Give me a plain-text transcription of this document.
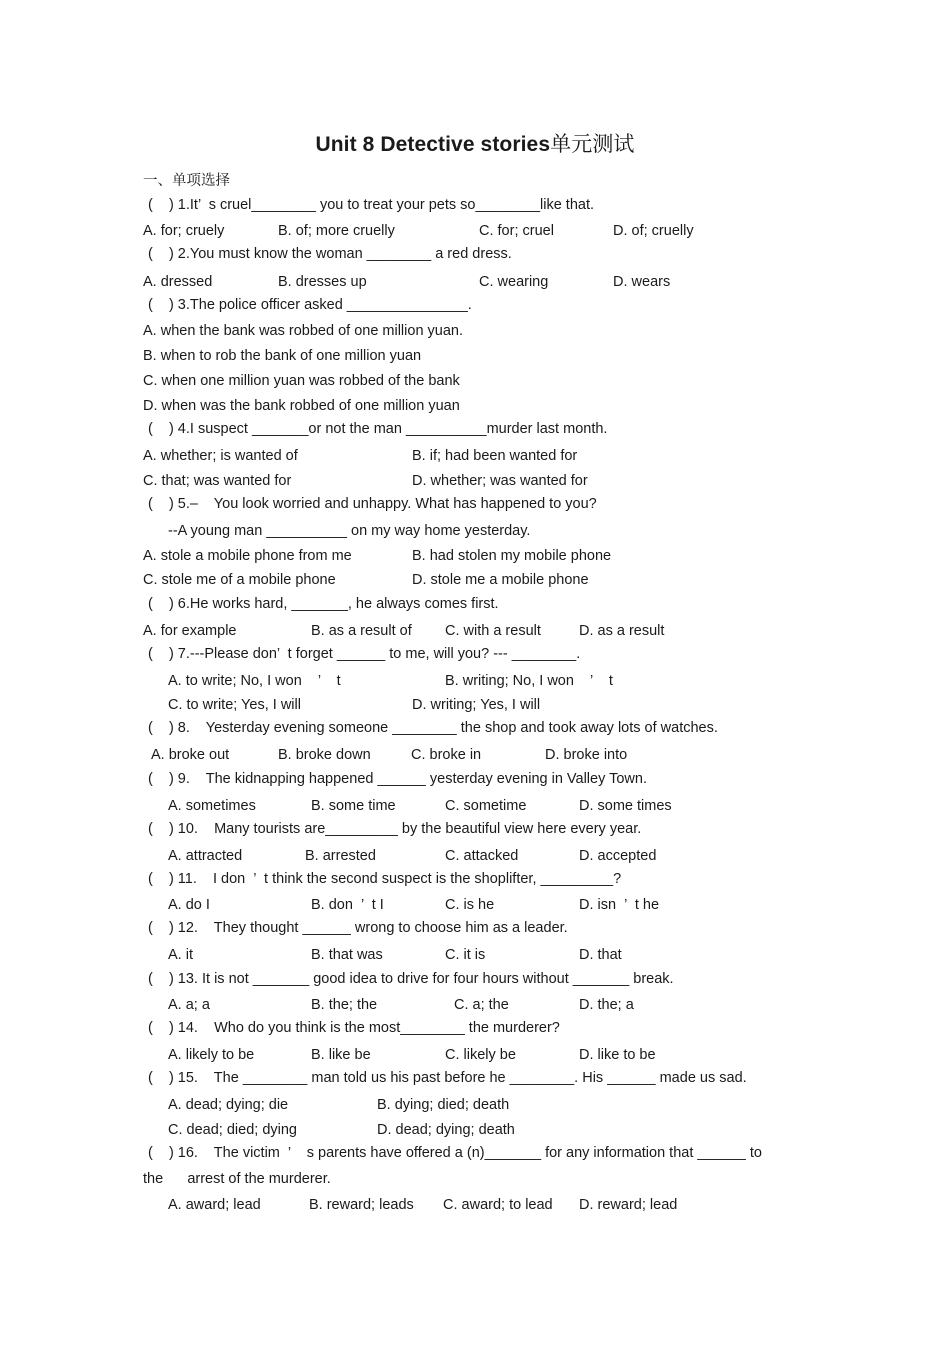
Unit 8 Detective stories单元测试
一、单项选择
(    ) 1.It’  s cruel________ you to treat your pets so________like that.
A. for; cruely	B. of; more cruelly	C. for; cruel	D. of; cruelly
(    ) 2.You must know the woman ________ a red dress.
A. dressed	B. dresses up	C. wearing	D. wears
(    ) 3.The police officer asked _______________.
A. when the bank was robbed of one million yuan.
B. when to rob the bank of one million yuan
C. when one million yuan was robbed of the bank
D. when was the bank robbed of one million yuan
(    ) 4.I suspect _______or not the man __________murder last month.
A. whether; is wanted of	B. if; had been wanted for
C. that; was wanted for	D. whether; was wanted for
(    ) 5.–    You look worried and unhappy. What has happened to you?
--A young man __________ on my way home yesterday.
A. stole a mobile phone from me	B. had stolen my mobile phone
C. stole me of a mobile phone	D. stole me a mobile phone
(    ) 6.He works hard, _______, he always comes first.
A. for example	B. as a result of C. with a result	D. as a result
(    ) 7.---Please don’  t forget ______ to me, will you? --- ________.
A. to write; No, I won    ’    t	B. writing; No, I won    ’    t
C. to write; Yes, I will	D. writing; Yes, I will
(    ) 8.    Yesterday evening someone ________ the shop and took away lots of watches.
A. broke out	B. broke down	C. broke in	D. broke into
(    ) 9.    The kidnapping happened ______ yesterday evening in Valley Town.
A. sometimes	B. some time	C. sometime	D. some times
(    ) 10.    Many tourists are_________ by the beautiful view here every year.
A. attracted	B. arrested	C. attacked	D. accepted
(    ) 11.    I don  ’  t think the second suspect is the shoplifter, _________?
A. do I	B. don  ’  t I	C. is he	D. isn  ’  t he
(    ) 12.    They thought ______ wrong to choose him as a leader.
A. it	B. that was	C. it is	D. that
(    ) 13. It is not _______ good idea to drive for four hours without _______ break.
A. a; a	B. the; the	C. a; the	D. the; a
(    ) 14.    Who do you think is the most________ the murderer?
A. likely to be	B. like be	C. likely be	D. like to be
(    ) 15.    The ________ man told us his past before he ________. His ______ made us sad.
A. dead; dying; die	B. dying; died; death
C. dead; died; dying	D. dead; dying; death
(    ) 16.    The victim  ’    s parents have offered a (n)_______ for any information that ______ to
the      arrest of the murderer.
A. award; lead	B. reward; leads C. award; to lead D. reward; lead
